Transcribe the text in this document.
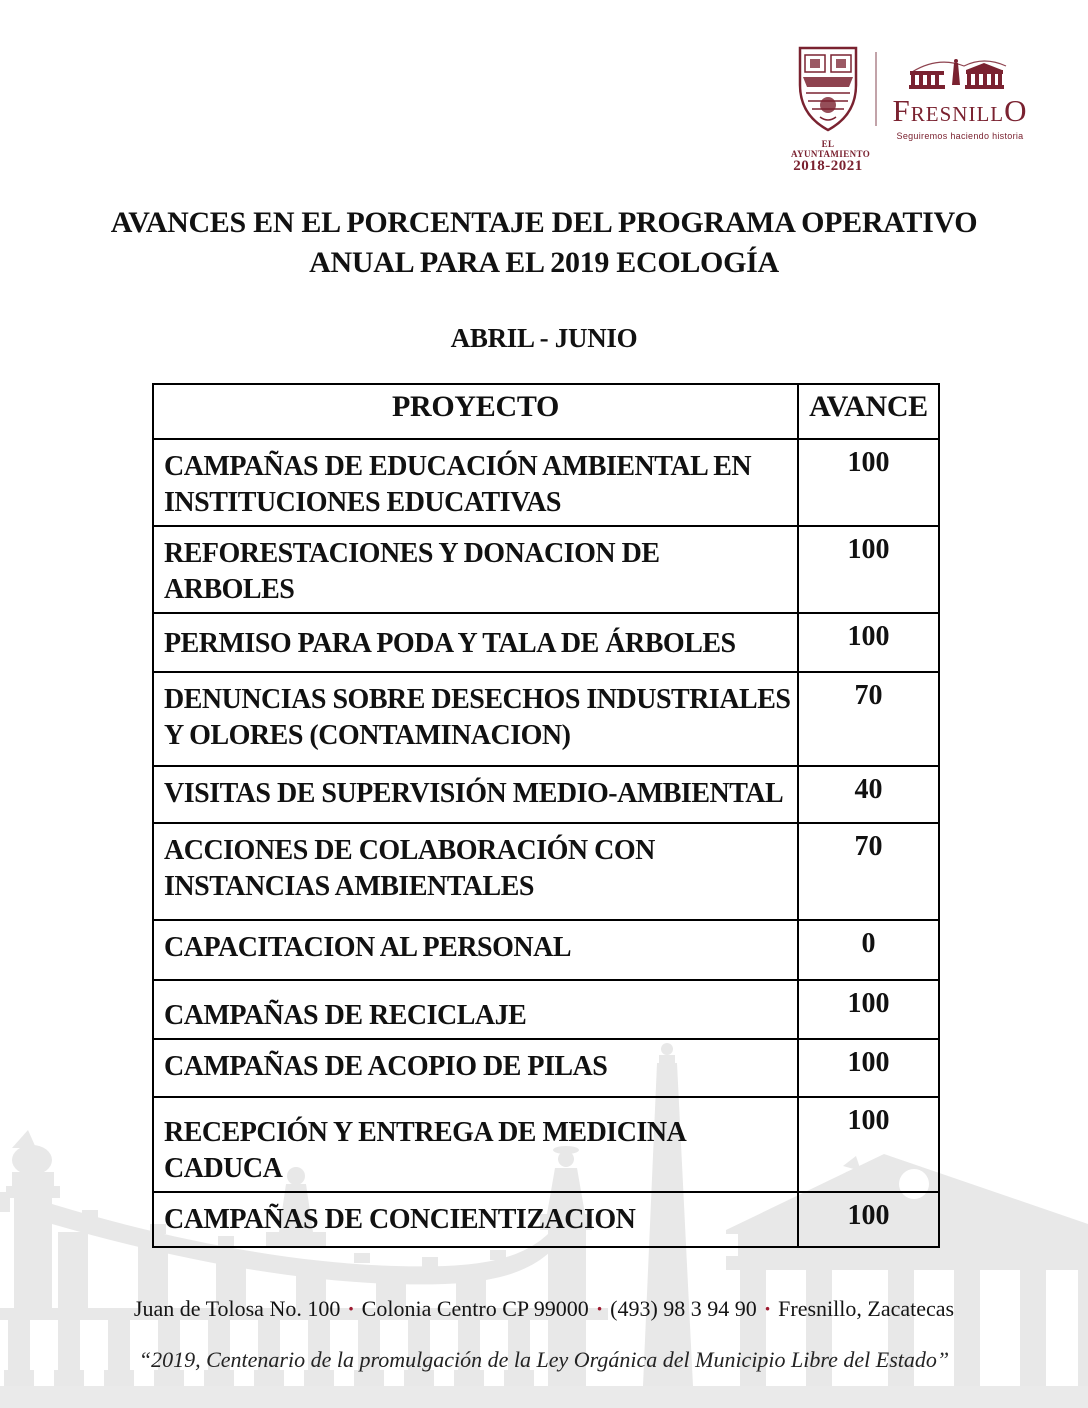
EL AYUNTAMIENTO
2018-2021
FRESNILLO
Seguiremos haciendo historia
AVANCES EN EL PORCENTAJE DEL PROGRAMA OPERATIVO
ANUAL PARA EL 2019 ECOLOGÍA
ABRIL - JUNIO
PROYECTO	AVANCE
CAMPAÑAS DE EDUCACIÓN AMBIENTAL EN INSTITUCIONES EDUCATIVAS	100
REFORESTACIONES Y DONACION DE ARBOLES	100
PERMISO PARA PODA Y TALA DE ÁRBOLES	100
DENUNCIAS SOBRE DESECHOS INDUSTRIALES Y OLORES (CONTAMINACION)	70
VISITAS DE SUPERVISIÓN MEDIO-AMBIENTAL	40
ACCIONES DE COLABORACIÓN CON INSTANCIAS AMBIENTALES	70
CAPACITACION AL PERSONAL	0
CAMPAÑAS DE RECICLAJE	100
CAMPAÑAS DE ACOPIO DE PILAS	100
RECEPCIÓN Y ENTREGA DE MEDICINA CADUCA	100
CAMPAÑAS DE CONCIENTIZACION	100
Juan de Tolosa No. 100 · Colonia Centro CP 99000 · (493) 98 3 94 90 · Fresnillo, Zacatecas
“2019, Centenario de la promulgación de la Ley Orgánica del Municipio Libre del Estado”
